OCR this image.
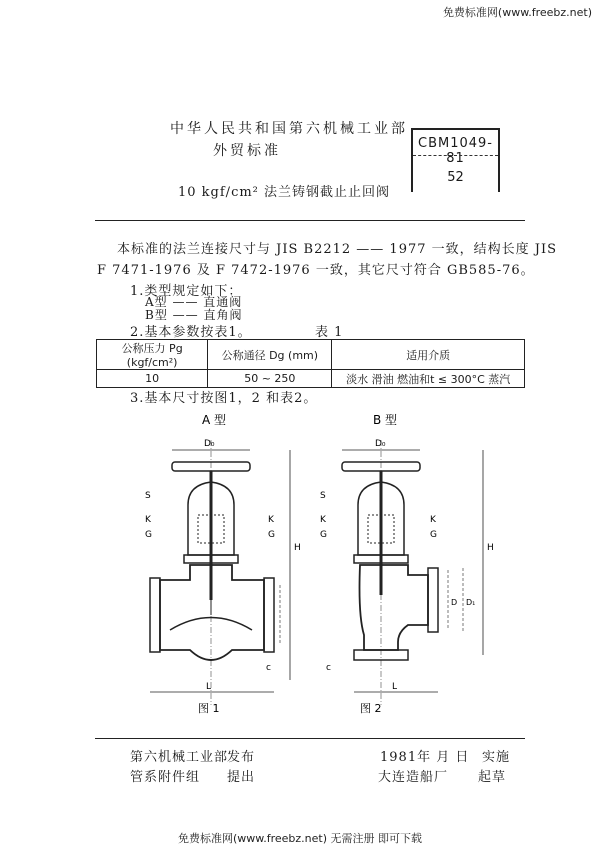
免费标准网(www.freebz.net)
中华人民共和国第六机械工业部
外贸标准	CBM1049-81
52
10 kgf/cm² 法兰铸钢截止止回阀
本标准的法兰连接尺寸与 JIS B2212 —— 1977 一致，结构长度 JIS
F 7471-1976 及 F 7472-1976 一致，其它尺寸符合 GB585-76。
1.类型规定如下：
A型 —— 直通阀
B型 —— 直角阀
2.基本参数按表1。	表 1
公称压力 Pg (kgf/cm²)	公称通径 Dg (mm)	适用介质
10	50 ~ 250	淡水 滑油 燃油和t ≤ 300°C 蒸汽
3.基本尺寸按图1，2 和表2。
A 型
D₀
S
K	K
G	G
H
c
L
图 1
B 型
D₀
S
K	K
G	G
H
D D₁
c
L
图 2
第六机械工业部
发布
管系附件组 提出
1981年 月 日 实施
大连造船厂 起草
免费标准网(www.freebz.net) 无需注册 即可下载
